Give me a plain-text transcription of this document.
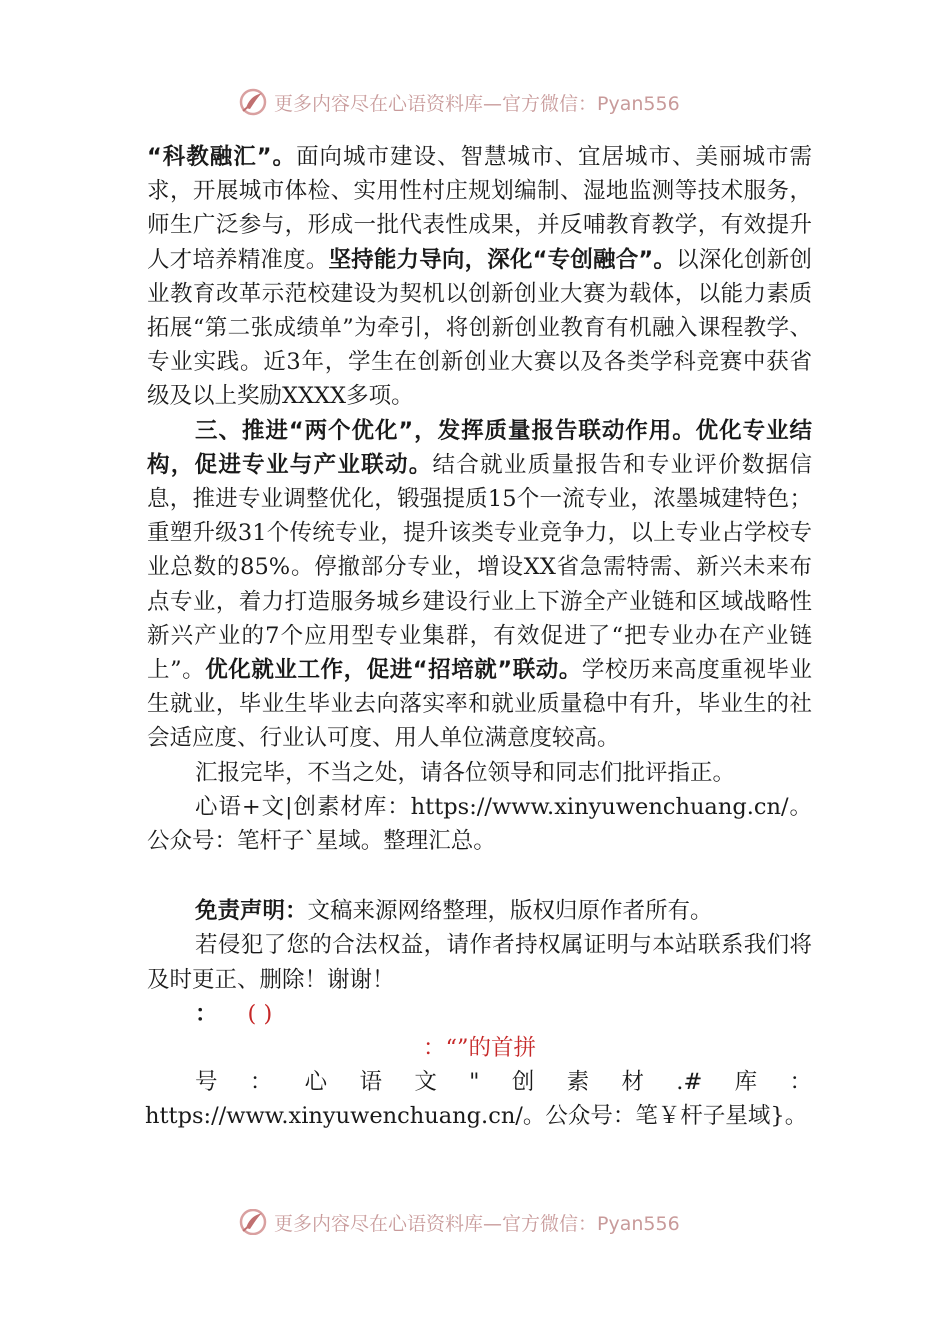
更多内容尽在心语资料库—官方微信：Pyan556

“科教融汇”。面向城市建设、智慧城市、宜居城市、美丽城市需求，开展城市体检、实用性村庄规划编制、湿地监测等技术服务，师生广泛参与，形成一批代表性成果，并反哺教育教学，有效提升人才培养精准度。坚持能力导向，深化“专创融合”。以深化创新创业教育改革示范校建设为契机以创新创业大赛为载体，以能力素质拓展“第二张成绩单”为牵引，将创新创业教育有机融入课程教学、专业实践。近3年，学生在创新创业大赛以及各类学科竞赛中获省级及以上奖励XXXX多项。

三、推进“两个优化”，发挥质量报告联动作用。优化专业结构，促进专业与产业联动。结合就业质量报告和专业评价数据信息，推进专业调整优化，锻强提质15个一流专业，浓墨城建特色；重塑升级31个传统专业，提升该类专业竞争力，以上专业占学校专业总数的85%。停撤部分专业，增设XX省急需特需、新兴未来布点专业，着力打造服务城乡建设行业上下游全产业链和区域战略性新兴产业的7个应用型专业集群，有效促进了“把专业办在产业链上”。优化就业工作，促进“招培就”联动。学校历来高度重视毕业生就业，毕业生毕业去向落实率和就业质量稳中有升，毕业生的社会适应度、行业认可度、用人单位满意度较高。

汇报完毕，不当之处，请各位领导和同志们批评指正。

心语+文|创素材库：https://www.xinyuwenchuang.cn/。公众号：笔杆子`星域。整理汇总。

免责声明：文稿来源网络整理，版权归原作者所有。

若侵犯了您的合法权益，请作者持权属证明与本站联系我们将及时更正、删除！谢谢！

： ( )

：“”的首拼

号 ： 心 语 文 " 创 素 材 .# 库 ：

https://www.xinyuwenchuang.cn/。公众号：笔￥杆子星域}。

更多内容尽在心语资料库—官方微信：Pyan556
